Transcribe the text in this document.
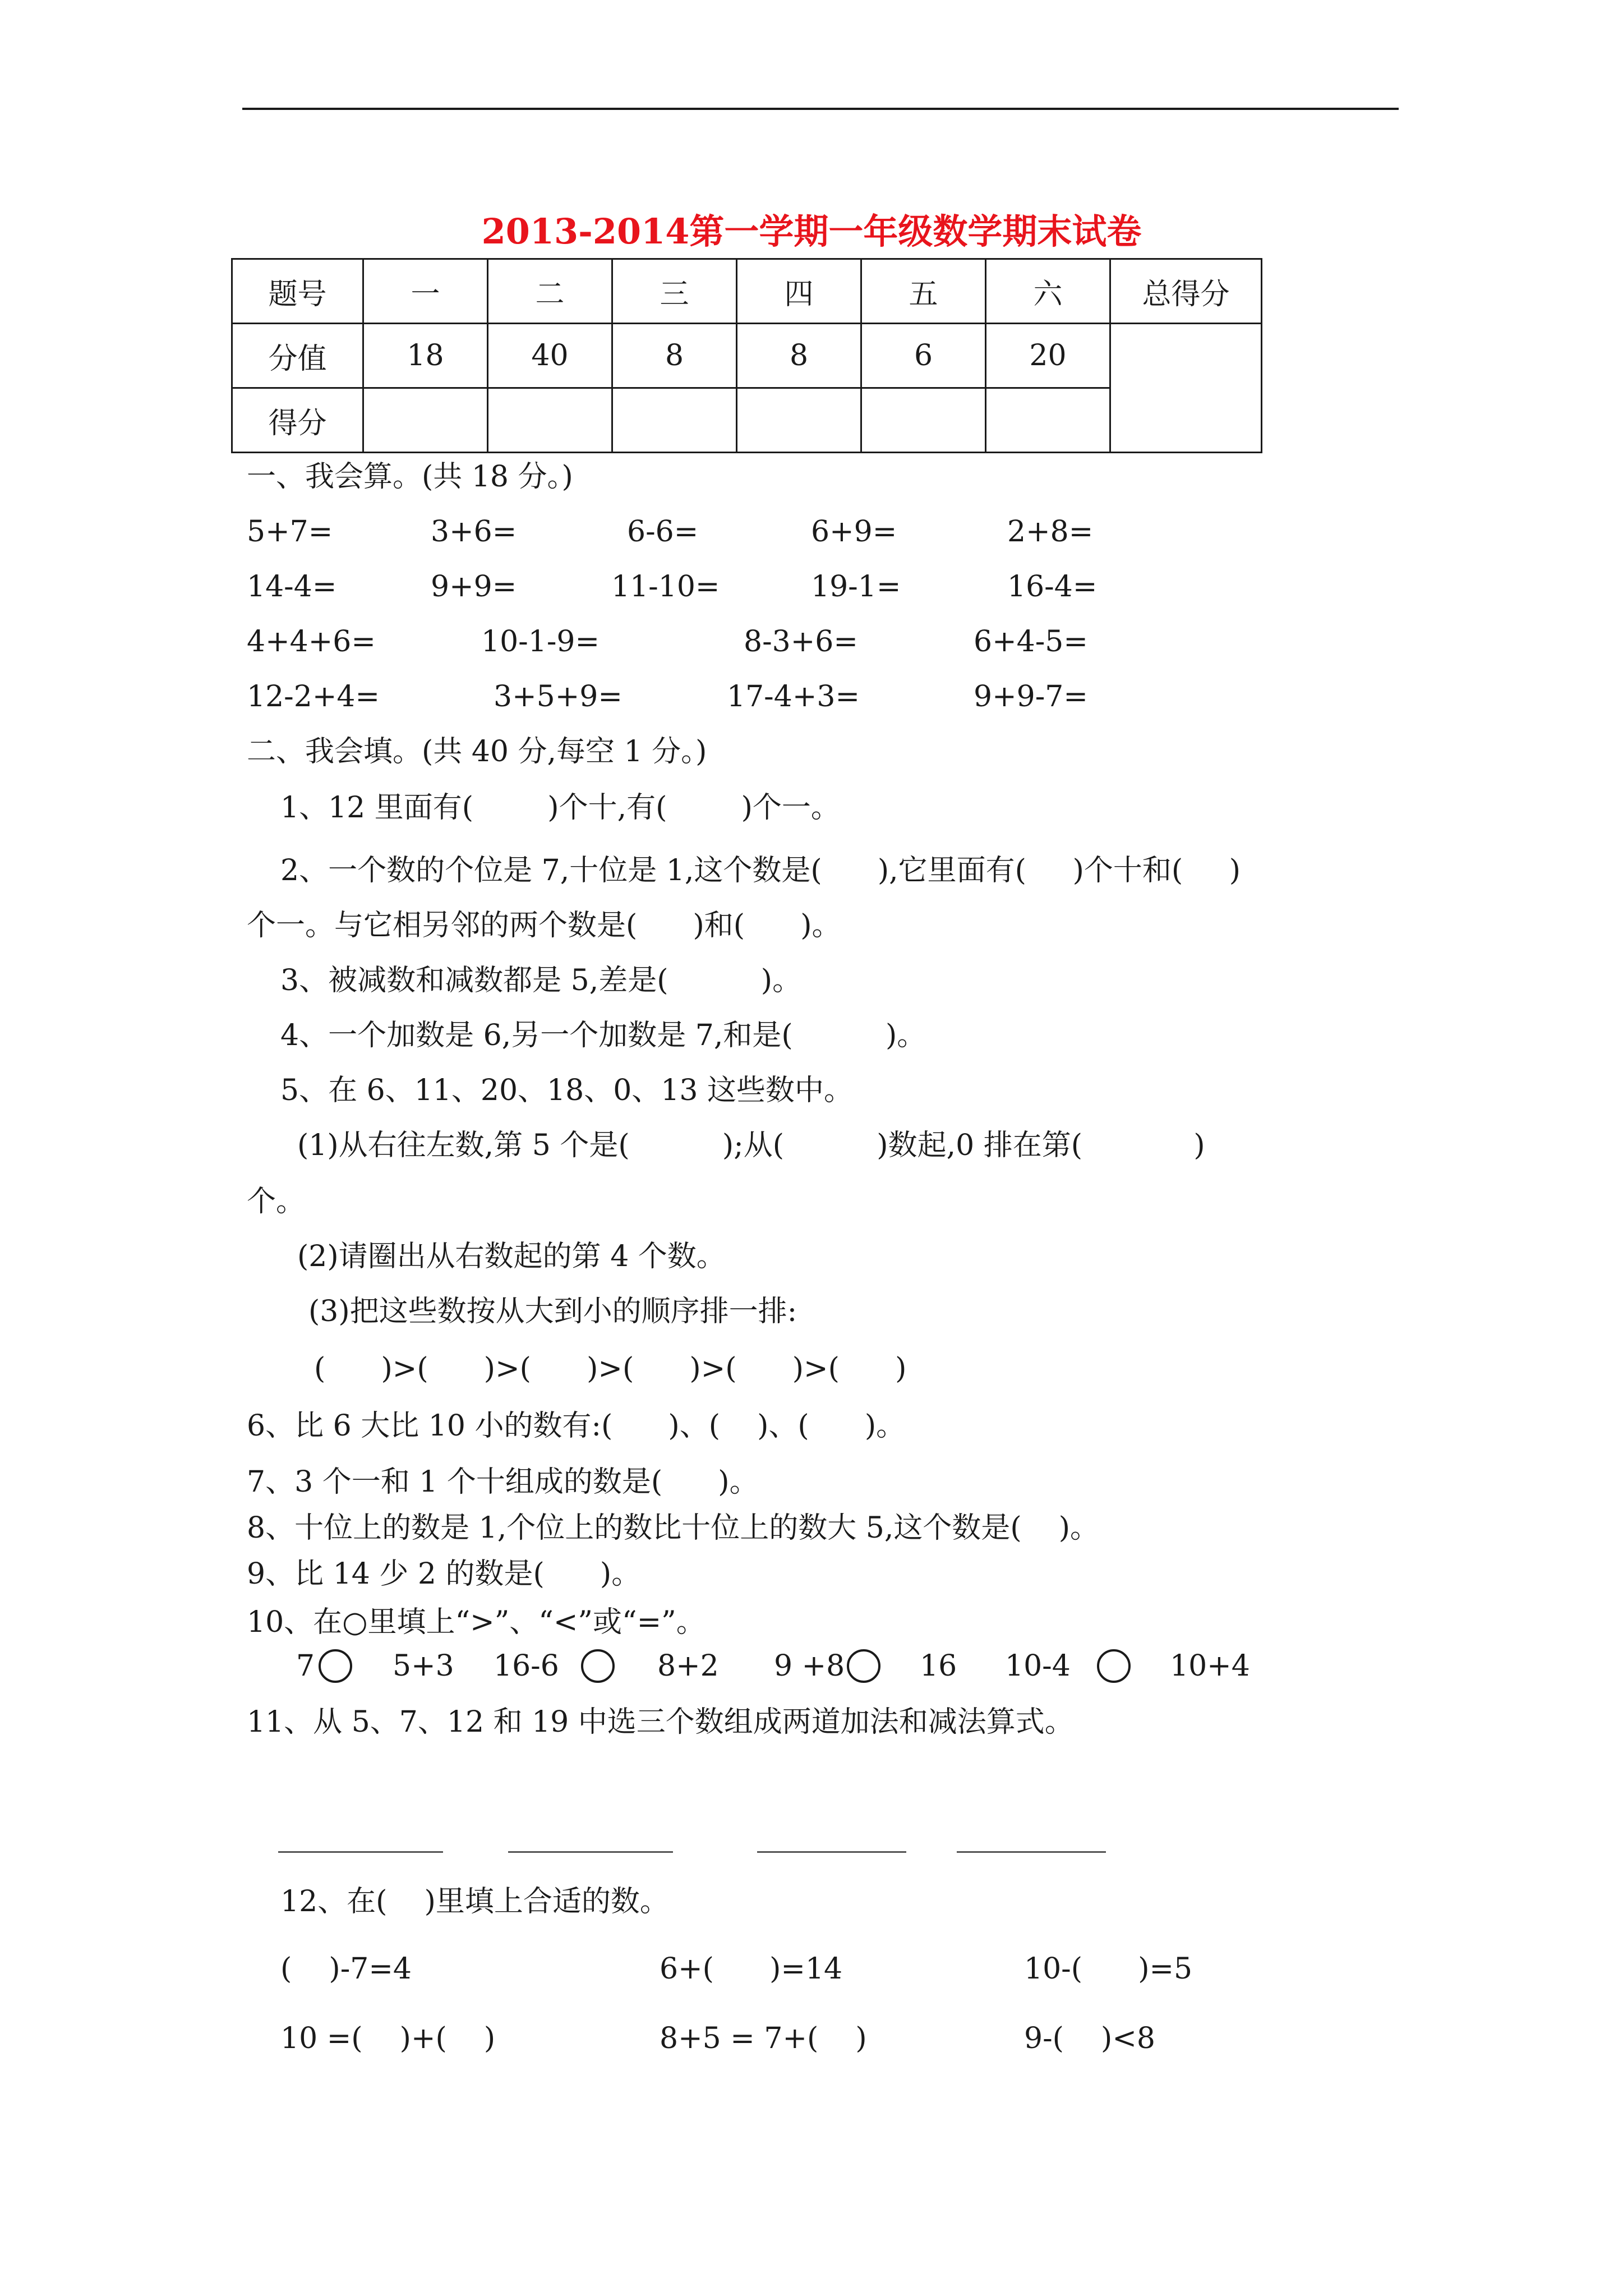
2013-2014第一学期一年级数学期末试卷
题号	一	二	三	四	五	六	总得分
分值	18	40	8	8	6	20	
得分							
一、我会算。(共 18 分。)
5+7=	3+6=	6-6=	6+9=	2+8=
14-4=	9+9=	11-10=	19-1=	16-4=
4+4+6=	10-1-9=	8-3+6=	6+4-5=
12-2+4=	3+5+9=	17-4+3=	9+9-7=
二、我会填。(共 40 分,每空 1 分。)
1、12 里面有(        )个十,有(        )个一。
2、一个数的个位是 7,十位是 1,这个数是(      ),它里面有(     )个十和(     )
个一。与它相另邻的两个数是(      )和(      )。
3、被减数和减数都是 5,差是(          )。
4、一个加数是 6,另一个加数是 7,和是(          )。
5、在 6、11、20、18、0、13 这些数中。
(1)从右往左数,第 5 个是(          );从(          )数起,0 排在第(            )
个。
(2)请圈出从右数起的第 4 个数。
(3)把这些数按从大到小的顺序排一排:
(      )>(      )>(      )>(      )>(      )>(      )
6、比 6 大比 10 小的数有:(      )、(    )、(      )。
7、3 个一和 1 个十组成的数是(      )。
8、十位上的数是 1,个位上的数比十位上的数大 5,这个数是(    )。
9、比 14 少 2 的数是(      )。
10、在○里填上“>”、“<”或“=”。
7	5+3 16-6	8+2 9 +8	16 10-4	10+4
11、从 5、7、12 和 19 中选三个数组成两道加法和减法算式。
12、在(    )里填上合适的数。
(    )-7=4	6+(      )=14	10-(      )=5
10 =(    )+(    )	8+5 = 7+(    )	9-(    )<8
